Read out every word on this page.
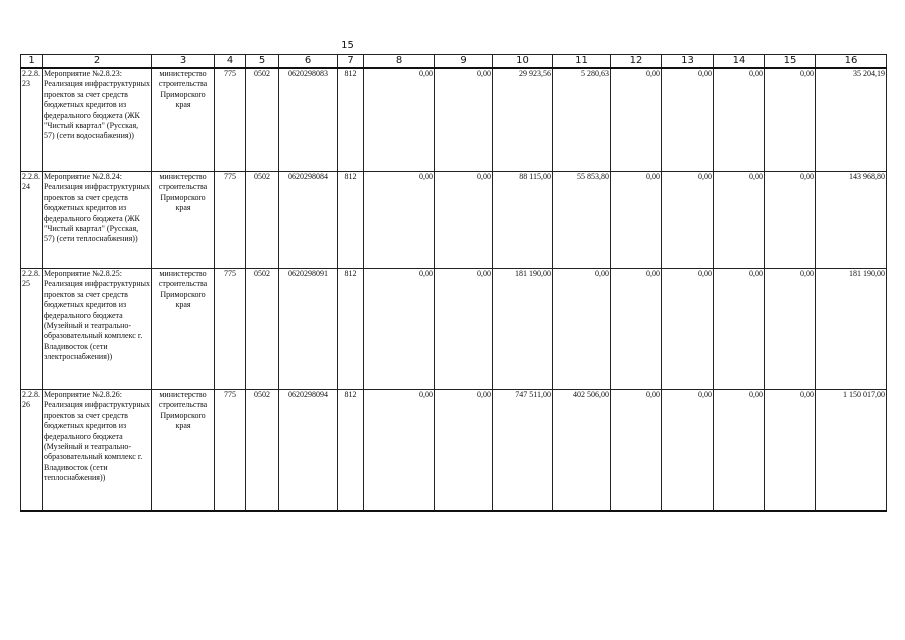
15
1	2	3	4	5	6	7	8	9	10	11	12	13	14	15	16
2.2.8.23	Мероприятие №2.8.23: Реализация инфраструктурных проектов за счет средств бюджетных кредитов из федерального бюджета (ЖК "Чистый квартал" (Русская, 57) (сети водоснабжения))	министерство строительства Приморского края	775	0502	0620298083	812	0,00	0,00	29 923,56	5 280,63	0,00	0,00	0,00	0,00	35 204,19
2.2.8.24	Мероприятие №2.8.24: Реализация инфраструктурных проектов за счет средств бюджетных кредитов из федерального бюджета (ЖК "Чистый квартал" (Русская, 57) (сети теплоснабжения))	министерство строительства Приморского края	775	0502	0620298084	812	0,00	0,00	88 115,00	55 853,80	0,00	0,00	0,00	0,00	143 968,80
2.2.8.25	Мероприятие №2.8.25: Реализация инфраструктурных проектов за счет средств бюджетных кредитов из федерального бюджета (Музейный и театрально-образовательный комплекс г. Владивосток (сети электроснабжения))	министерство строительства Приморского края	775	0502	0620298091	812	0,00	0,00	181 190,00	0,00	0,00	0,00	0,00	0,00	181 190,00
2.2.8.26	Мероприятие №2.8.26: Реализация инфраструктурных проектов за счет средств бюджетных кредитов из федерального бюджета (Музейный и театрально-образовательный комплекс г. Владивосток (сети теплоснабжения))	министерство строительства Приморского края	775	0502	0620298094	812	0,00	0,00	747 511,00	402 506,00	0,00	0,00	0,00	0,00	1 150 017,00
